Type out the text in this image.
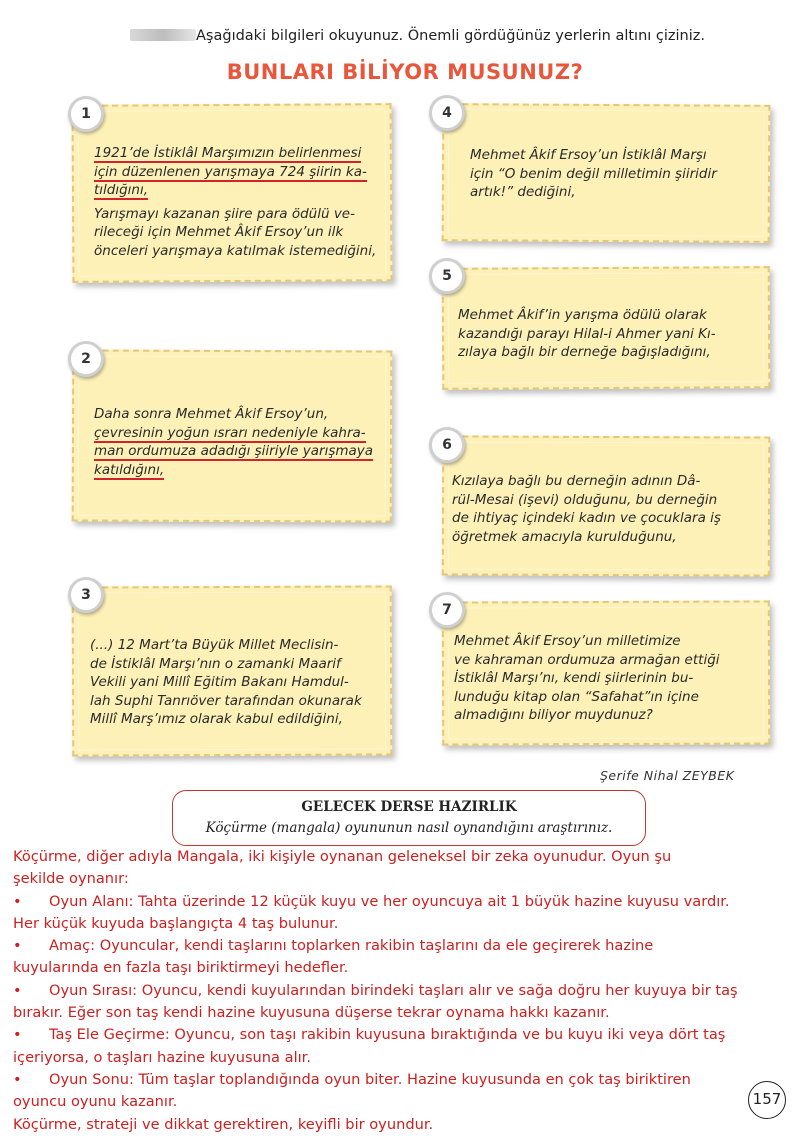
Aşağıdaki bilgileri okuyunuz. Önemli gördüğünüz yerlerin altını çiziniz.
BUNLARI BİLİYOR MUSUNUZ?
1
1921’de İstiklâl Marşımızın belirlenmesi
için düzenlenen yarışmaya 724 şiirin ka-
tıldığını,
Yarışmayı kazanan şiire para ödülü ve-
rileceği için Mehmet Âkif Ersoy’un ilk
önceleri yarışmaya katılmak istemediğini,
2
Daha sonra Mehmet Âkif Ersoy’un,
çevresinin yoğun ısrarı nedeniyle kahra-
man ordumuza adadığı şiiriyle yarışmaya
katıldığını,
3
(...) 12 Mart’ta Büyük Millet Meclisin-
de İstiklâl Marşı’nın o zamanki Maarif
Vekili yani Millî Eğitim Bakanı Hamdul-
lah Suphi Tanrıöver tarafından okunarak
Millî Marş’ımız olarak kabul edildiğini,
4
Mehmet Âkif Ersoy’un İstiklâl Marşı
için “O benim değil milletimin şiiridir
artık!” dediğini,
5
Mehmet Âkif’in yarışma ödülü olarak
kazandığı parayı Hilal-i Ahmer yani Kı-
zılaya bağlı bir derneğe bağışladığını,
6
Kızılaya bağlı bu derneğin adının Dâ-
rül-Mesai (işevi) olduğunu, bu derneğin
de ihtiyaç içindeki kadın ve çocuklara iş
öğretmek amacıyla kurulduğunu,
7
Mehmet Âkif Ersoy’un milletimize
ve kahraman ordumuza armağan ettiği
İstiklâl Marşı’nı, kendi şiirlerinin bu-
lunduğu kitap olan “Safahat”ın içine
almadığını biliyor muydunuz?
Şerife Nihal ZEYBEK
GELECEK DERSE HAZIRLIK
Köçürme (mangala) oyununun nasıl oynandığını araştırınız.

Köçürme, diğer adıyla Mangala, iki kişiyle oynanan geleneksel bir zeka oyunudur. Oyun şu

şekilde oynanır:

• Oyun Alanı: Tahta üzerinde 12 küçük kuyu ve her oyuncuya ait 1 büyük hazine kuyusu vardır.

Her küçük kuyuda başlangıçta 4 taş bulunur.

• Amaç: Oyuncular, kendi taşlarını toplarken rakibin taşlarını da ele geçirerek hazine

kuyularında en fazla taşı biriktirmeyi hedefler.

• Oyun Sırası: Oyuncu, kendi kuyularından birindeki taşları alır ve sağa doğru her kuyuya bir taş

bırakır. Eğer son taş kendi hazine kuyusuna düşerse tekrar oynama hakkı kazanır.

• Taş Ele Geçirme: Oyuncu, son taşı rakibin kuyusuna bıraktığında ve bu kuyu iki veya dört taş

içeriyorsa, o taşları hazine kuyusuna alır.

• Oyun Sonu: Tüm taşlar toplandığında oyun biter. Hazine kuyusunda en çok taş biriktiren

oyuncu oyunu kazanır.

Köçürme, strateji ve dikkat gerektiren, keyifli bir oyundur.

157
